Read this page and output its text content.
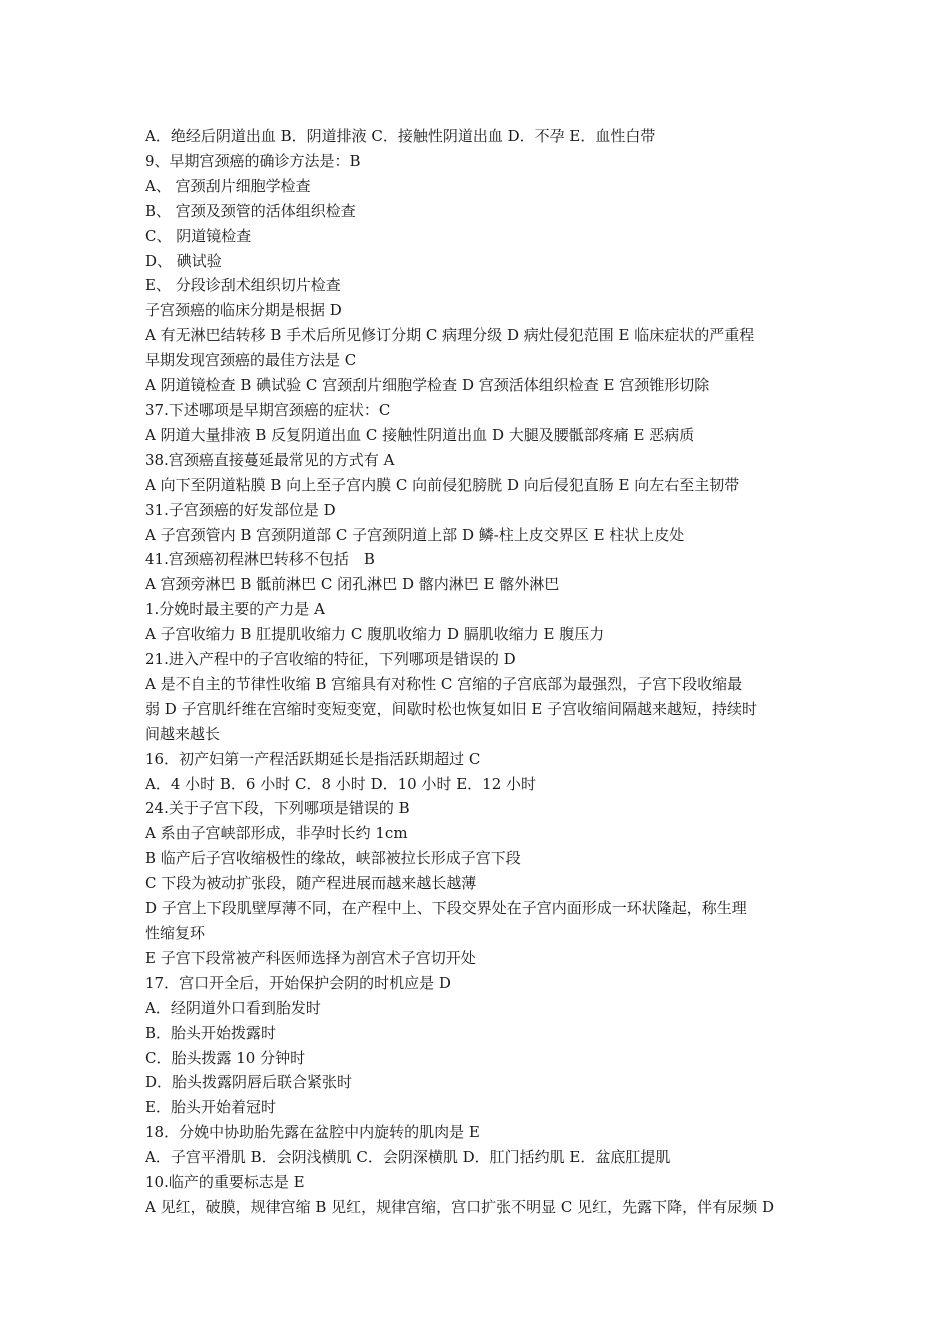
A．绝经后阴道出血 B．阴道排液 C．接触性阴道出血 D．不孕 E．血性白带
9、早期宫颈癌的确诊方法是：B
A、 宫颈刮片细胞学检查
B、 宫颈及颈管的活体组织检查
C、 阴道镜检查
D、 碘试验
E、 分段诊刮术组织切片检查
子宫颈癌的临床分期是根据 D
A 有无淋巴结转移 B 手术后所见修订分期 C 病理分级 D 病灶侵犯范围 E 临床症状的严重程
早期发现宫颈癌的最佳方法是 C
A 阴道镜检查 B 碘试验 C 宫颈刮片细胞学检查 D 宫颈活体组织检查 E 宫颈锥形切除
37.下述哪项是早期宫颈癌的症状：C
A 阴道大量排液 B 反复阴道出血 C 接触性阴道出血 D 大腿及腰骶部疼痛 E 恶病质
38.宫颈癌直接蔓延最常见的方式有 A
A 向下至阴道粘膜 B 向上至子宫内膜 C 向前侵犯膀胱 D 向后侵犯直肠 E 向左右至主韧带
31.子宫颈癌的好发部位是 D
A 子宫颈管内 B 宫颈阴道部 C 子宫颈阴道上部 D 鳞-柱上皮交界区 E 柱状上皮处
41.宫颈癌初程淋巴转移不包括　B
A 宫颈旁淋巴 B 骶前淋巴 C 闭孔淋巴 D 髂内淋巴 E 髂外淋巴
1.分娩时最主要的产力是 A
A 子宫收缩力 B 肛提肌收缩力 C 腹肌收缩力 D 膈肌收缩力 E 腹压力
21.进入产程中的子宫收缩的特征，下列哪项是错误的 D
A 是不自主的节律性收缩 B 宫缩具有对称性 C 宫缩的子宫底部为最强烈，子宫下段收缩最
弱 D 子宫肌纤维在宫缩时变短变宽，间歇时松也恢复如旧 E 子宫收缩间隔越来越短，持续时
间越来越长
16．初产妇第一产程活跃期延长是指活跃期超过 C
A．4 小时 B．6 小时 C．8 小时 D．10 小时 E．12 小时
24.关于子宫下段，下列哪项是错误的 B
A 系由子宫峡部形成，非孕时长约 1cm
B 临产后子宫收缩极性的缘故，峡部被拉长形成子宫下段
C 下段为被动扩张段，随产程进展而越来越长越薄
D 子宫上下段肌壁厚薄不同，在产程中上、下段交界处在子宫内面形成一环状隆起，称生理
性缩复环
E 子宫下段常被产科医师选择为剖宫术子宫切开处
17．宫口开全后，开始保护会阴的时机应是 D
A．经阴道外口看到胎发时
B．胎头开始拨露时
C．胎头拨露 10 分钟时
D．胎头拨露阴唇后联合紧张时
E．胎头开始着冠时
18．分娩中协助胎先露在盆腔中内旋转的肌肉是 E
A．子宫平滑肌 B．会阴浅横肌 C．会阴深横肌 D．肛门括约肌 E．盆底肛提肌
10.临产的重要标志是 E
A 见红，破膜，规律宫缩 B 见红，规律宫缩，宫口扩张不明显 C 见红，先露下降，伴有尿频 D
